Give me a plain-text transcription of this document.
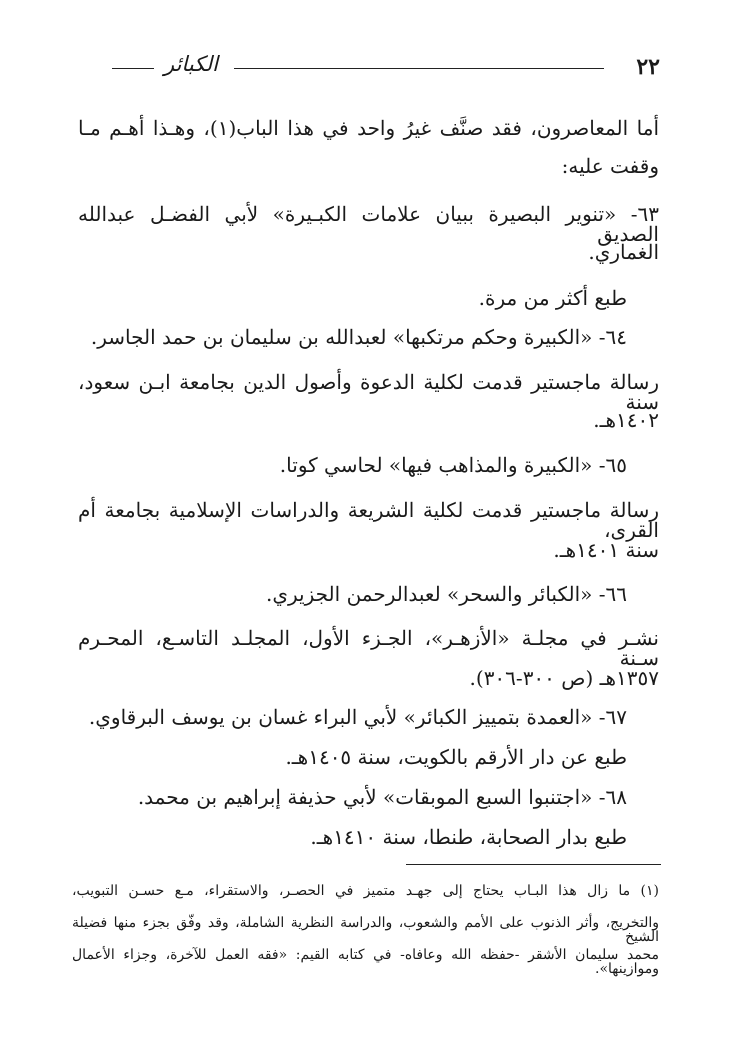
٢٢
الكبائر
أما المعاصرون، فقد صنَّف غيرُ واحد في هذا الباب(١)، وهـذا أهـم مـا
وقفت عليه:
٦٣- «تنوير البصيرة ببيان علامات الكبـيرة» لأبي الفضـل عبدالله الصديق
الغماري.
طبع أكثر من مرة.
٦٤- «الكبيرة وحكم مرتكبها» لعبدالله بن سليمان بن حمد الجاسر.
رسالة ماجستير قدمت لكلية الدعوة وأصول الدين بجامعة ابـن سعود، سنة
١٤٠٢هـ.
٦٥- «الكبيرة والمذاهب فيها» لحاسي كوتا.
رسالة ماجستير قدمت لكلية الشريعة والدراسات الإسلامية بجامعة أم القرى،
سنة ١٤٠١هـ.
٦٦- «الكبائر والسحر» لعبدالرحمن الجزيري.
نشـر في مجلـة «الأزهـر»، الجـزء الأول، المجلـد التاسـع، المحـرم سـنة
١٣٥٧هـ (ص ٣٠٠-٣٠٦).
٦٧- «العمدة بتمييز الكبائر» لأبي البراء غسان بن يوسف البرقاوي.
طبع عن دار الأرقم بالكويت، سنة ١٤٠٥هـ.
٦٨- «اجتنبوا السبع الموبقات» لأبي حذيفة إبراهيم بن محمد.
طبع بدار الصحابة، طنطا، سنة ١٤١٠هـ.
(١) ما زال هذا البـاب يحتاج إلى جهـد متميز في الحصـر، والاستقراء، مـع حسـن التبويب،
والتخريج، وأثر الذنوب على الأمم والشعوب، والدراسة النظرية الشاملة، وقد وفّق بجزء منها فضيلة الشيخ
محمد سليمان الأشقر -حفظه الله وعافاه- في كتابه القيم: «فقه العمل للآخرة، وجزاء الأعمال وموازينها».
